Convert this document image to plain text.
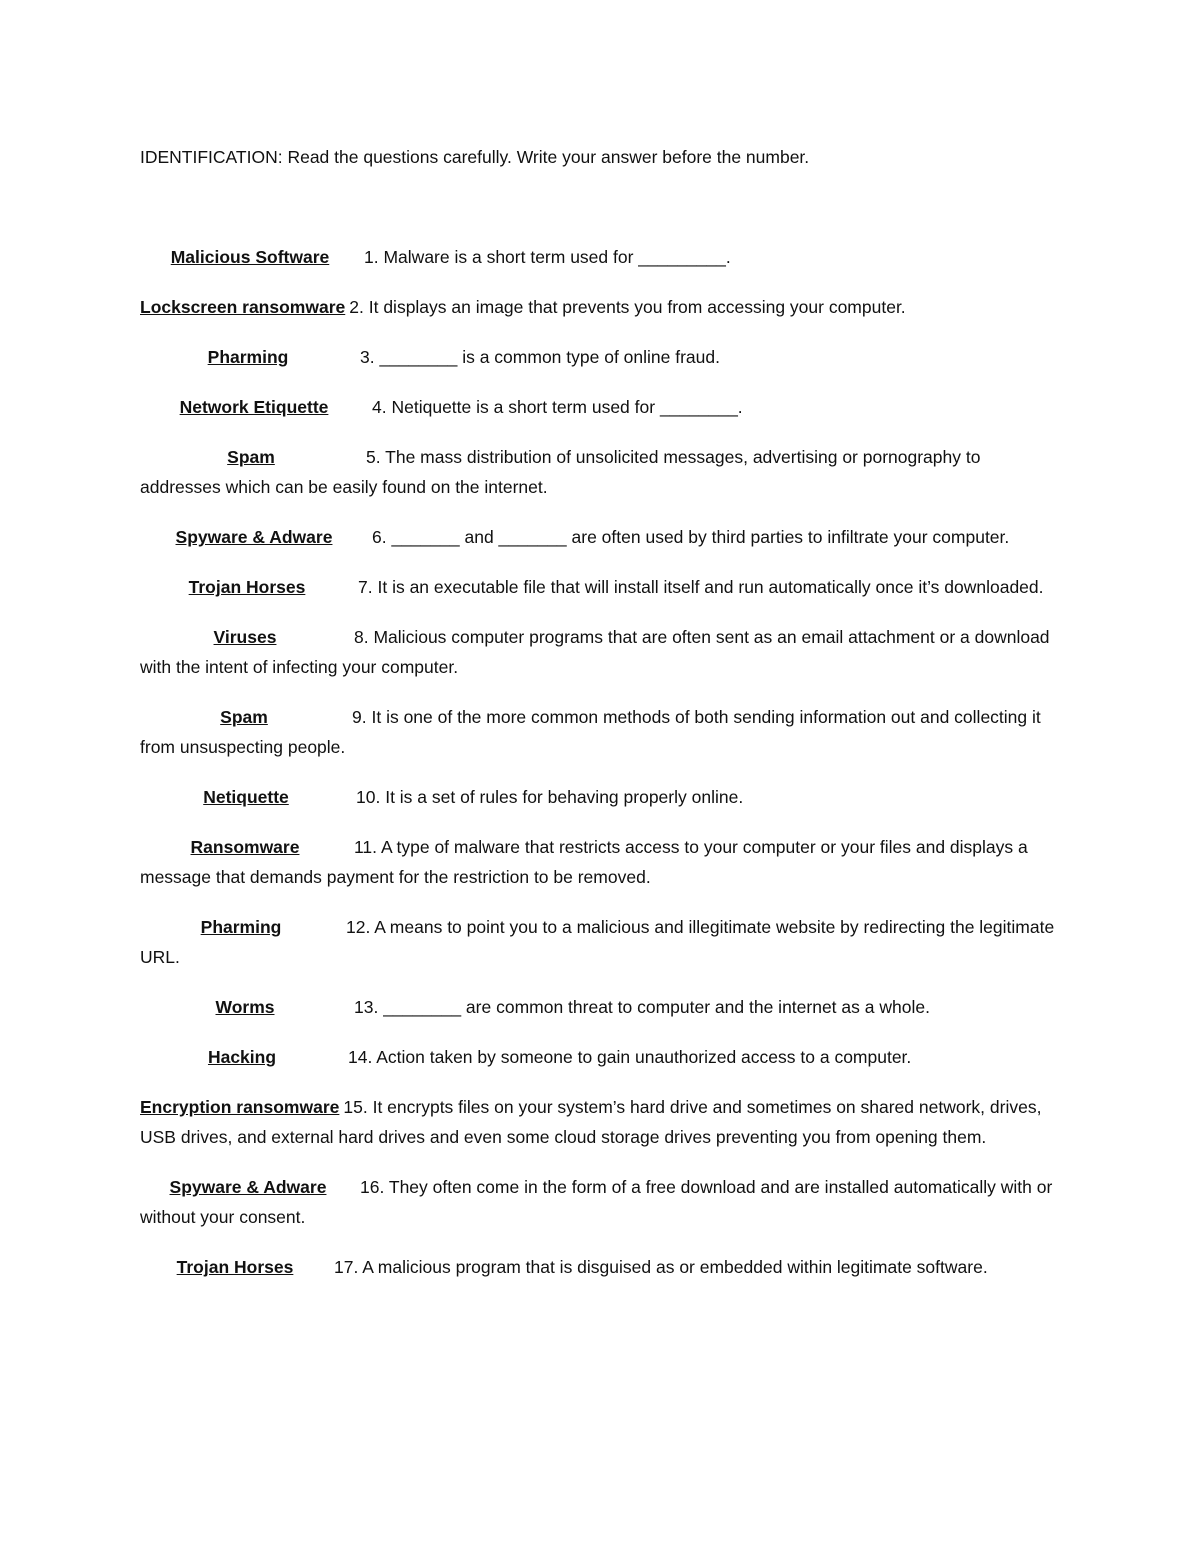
IDENTIFICATION: Read the questions carefully. Write your answer before the number.

Malicious Software 1. Malware is a short term used for _________.

Lockscreen ransomware 2. It displays an image that prevents you from accessing your computer.

Pharming	3. ________ is a common type of online fraud.

Network Etiquette 4. Netiquette is a short term used for ________.

Spam	5. The mass distribution of unsolicited messages, advertising or pornography to addresses which can be easily found on the internet.

Spyware & Adware 6. _______ and _______ are often used by third parties to infiltrate your computer.

Trojan Horses	7. It is an executable file that will install itself and run automatically once it’s downloaded.

Viruses	8. Malicious computer programs that are often sent as an email attachment or a download with the intent of infecting your computer.

Spam	9. It is one of the more common methods of both sending information out and collecting it from unsuspecting people.

Netiquette	10. It is a set of rules for behaving properly online.

Ransomware	11. A type of malware that restricts access to your computer or your files and displays a message that demands payment for the restriction to be removed.

Pharming	12. A means to point you to a malicious and illegitimate website by redirecting the legitimate URL.

Worms	13. ________ are common threat to computer and the internet as a whole.

Hacking	14. Action taken by someone to gain unauthorized access to a computer.

Encryption ransomware 15. It encrypts files on your system’s hard drive and sometimes on shared network, drives, USB drives, and external hard drives and even some cloud storage drives preventing you from opening them.

Spyware & Adware 16. They often come in the form of a free download and are installed automatically with or without your consent.

Trojan Horses 17. A malicious program that is disguised as or embedded within legitimate software.
